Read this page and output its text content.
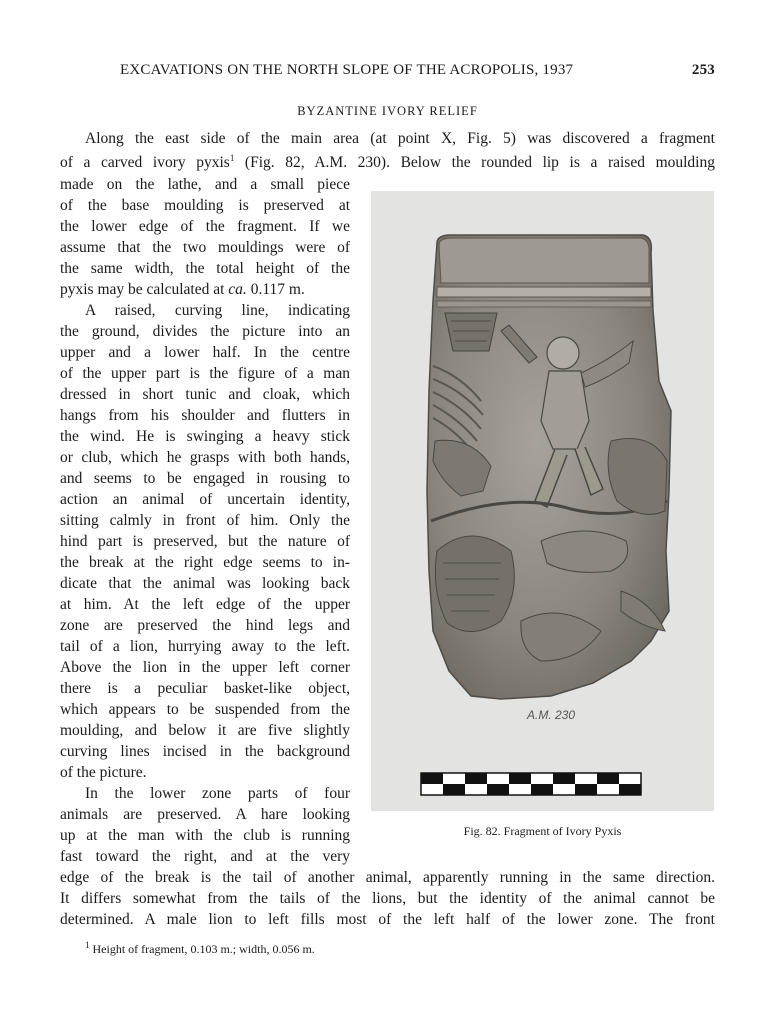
EXCAVATIONS ON THE NORTH SLOPE OF THE ACROPOLIS, 1937	253
BYZANTINE IVORY RELIEF
Along the east side of the main area (at point X, Fig. 5) was discovered a fragment
of a carved ivory pyxis$^1$ (Fig. 82, A.M. 230). Below the rounded lip is a raised moulding
made on the lathe, and a small piece
of the base moulding is preserved at
the lower edge of the fragment. If we
assume that the two mouldings were of
the same width, the total height of the
pyxis may be calculated at ca. 0.117 m.
A raised, curving line, indicating
the ground, divides the picture into an
upper and a lower half. In the centre
of the upper part is the figure of a man
dressed in short tunic and cloak, which
hangs from his shoulder and flutters in
the wind. He is swinging a heavy stick
or club, which he grasps with both hands,
and seems to be engaged in rousing to
action an animal of uncertain identity,
sitting calmly in front of him. Only the
hind part is preserved, but the nature of
the break at the right edge seems to in-
dicate that the animal was looking back
at him. At the left edge of the upper
zone are preserved the hind legs and
tail of a lion, hurrying away to the left.
Above the lion in the upper left corner
there is a peculiar basket-like object,
which appears to be suspended from the
moulding, and below it are five slightly
curving lines incised in the background
of the picture.
In the lower zone parts of four
animals are preserved. A hare looking
up at the man with the club is running
fast toward the right, and at the very
edge of the break is the tail of another animal, apparently running in the same direction.
It differs somewhat from the tails of the lions, but the identity of the animal cannot be
determined. A male lion to left fills most of the left half of the lower zone. The front
A.M. 230
Fig. 82. Fragment of Ivory Pyxis
$^1$ Height of fragment, 0.103 m.; width, 0.056 m.
